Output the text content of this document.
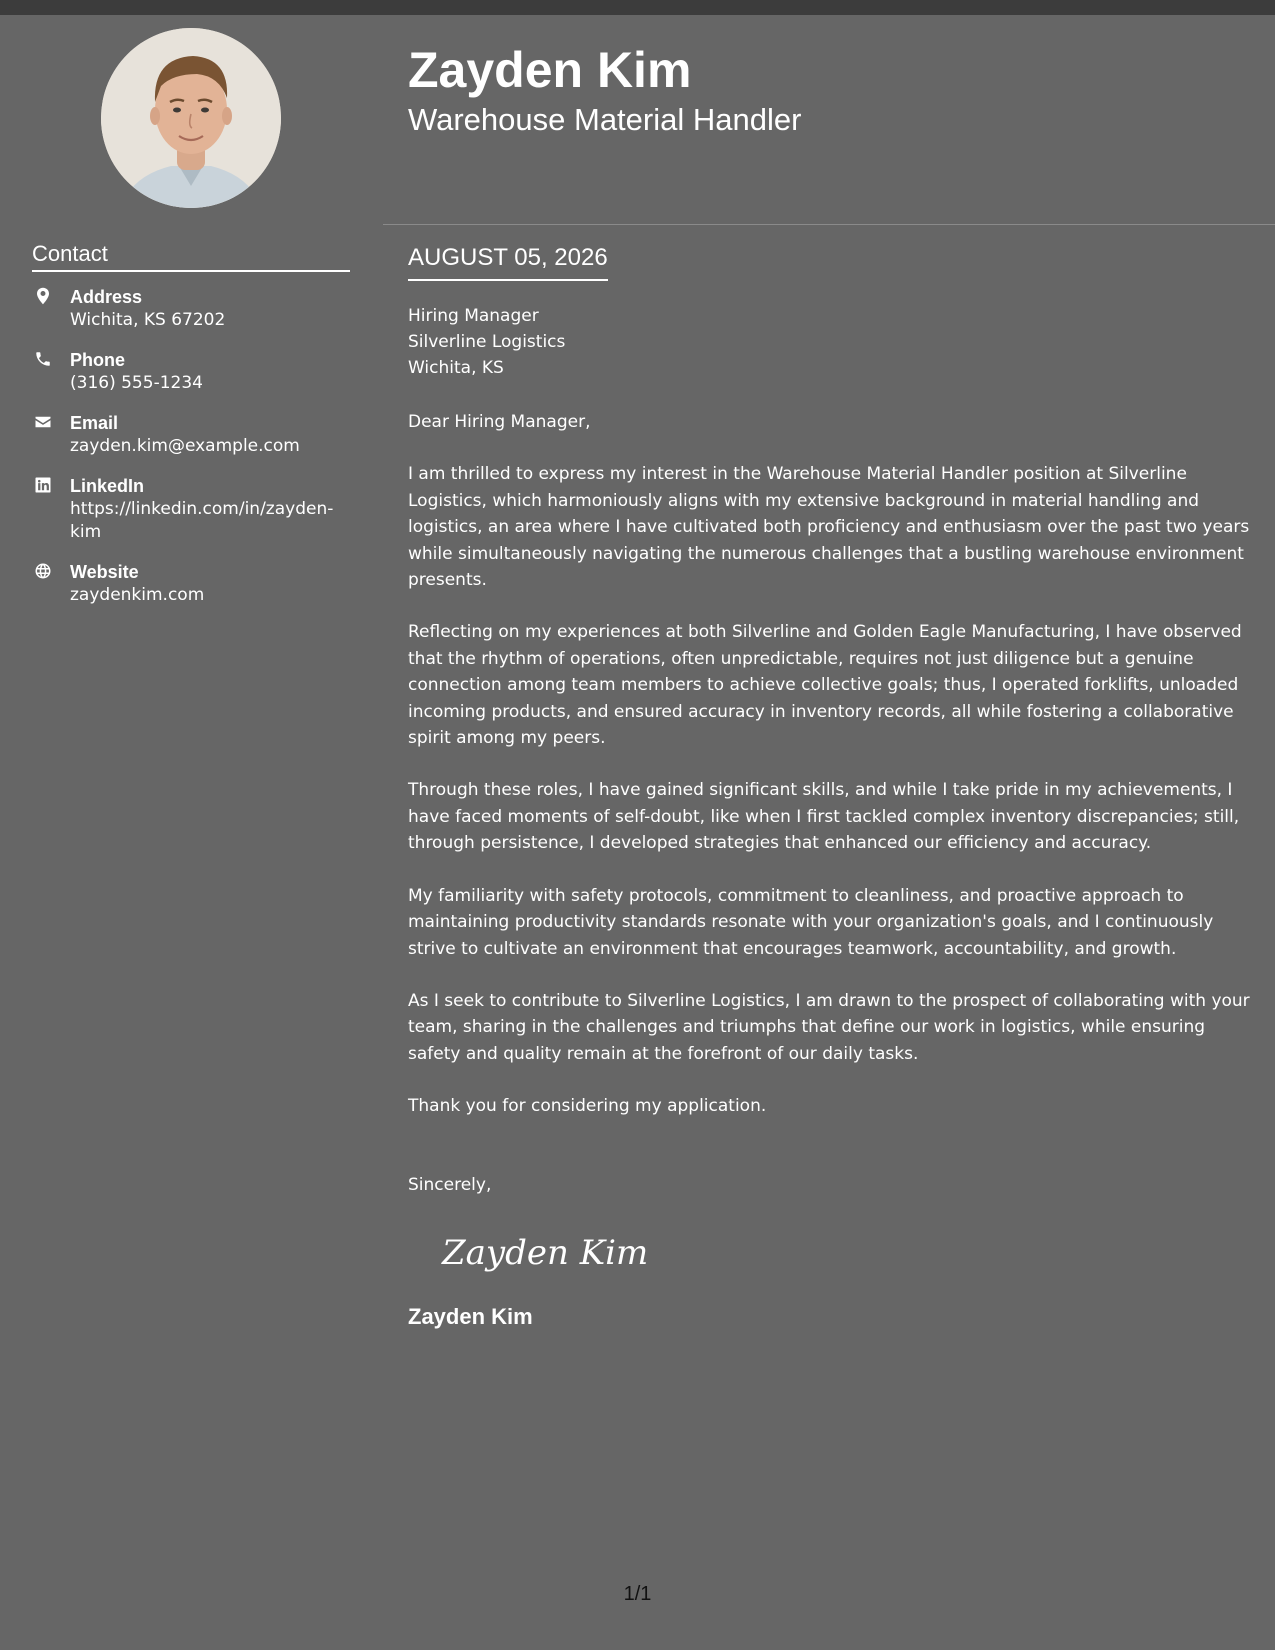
Contact
Address
Wichita, KS 67202
Phone
(316) 555-1234
Email
zayden.kim@example.com
LinkedIn
https://linkedin.com/in/zayden-kim
Website
zaydenkim.com
Zayden Kim
Warehouse Material Handler
AUGUST 05, 2026
Hiring Manager
Silverline Logistics
Wichita, KS
Dear Hiring Manager,
I am thrilled to express my interest in the Warehouse Material Handler position at Silverline Logistics, which harmoniously aligns with my extensive background in material handling and logistics, an area where I have cultivated both proficiency and enthusiasm over the past two years while simultaneously navigating the numerous challenges that a bustling warehouse environment presents.
Reflecting on my experiences at both Silverline and Golden Eagle Manufacturing, I have observed that the rhythm of operations, often unpredictable, requires not just diligence but a genuine connection among team members to achieve collective goals; thus, I operated forklifts, unloaded incoming products, and ensured accuracy in inventory records, all while fostering a collaborative spirit among my peers.
Through these roles, I have gained significant skills, and while I take pride in my achievements, I have faced moments of self-doubt, like when I first tackled complex inventory discrepancies; still, through persistence, I developed strategies that enhanced our efficiency and accuracy.
My familiarity with safety protocols, commitment to cleanliness, and proactive approach to maintaining productivity standards resonate with your organization's goals, and I continuously strive to cultivate an environment that encourages teamwork, accountability, and growth.
As I seek to contribute to Silverline Logistics, I am drawn to the prospect of collaborating with your team, sharing in the challenges and triumphs that define our work in logistics, while ensuring safety and quality remain at the forefront of our daily tasks.
Thank you for considering my application.
Sincerely,
Zayden Kim
Zayden Kim
1/1
